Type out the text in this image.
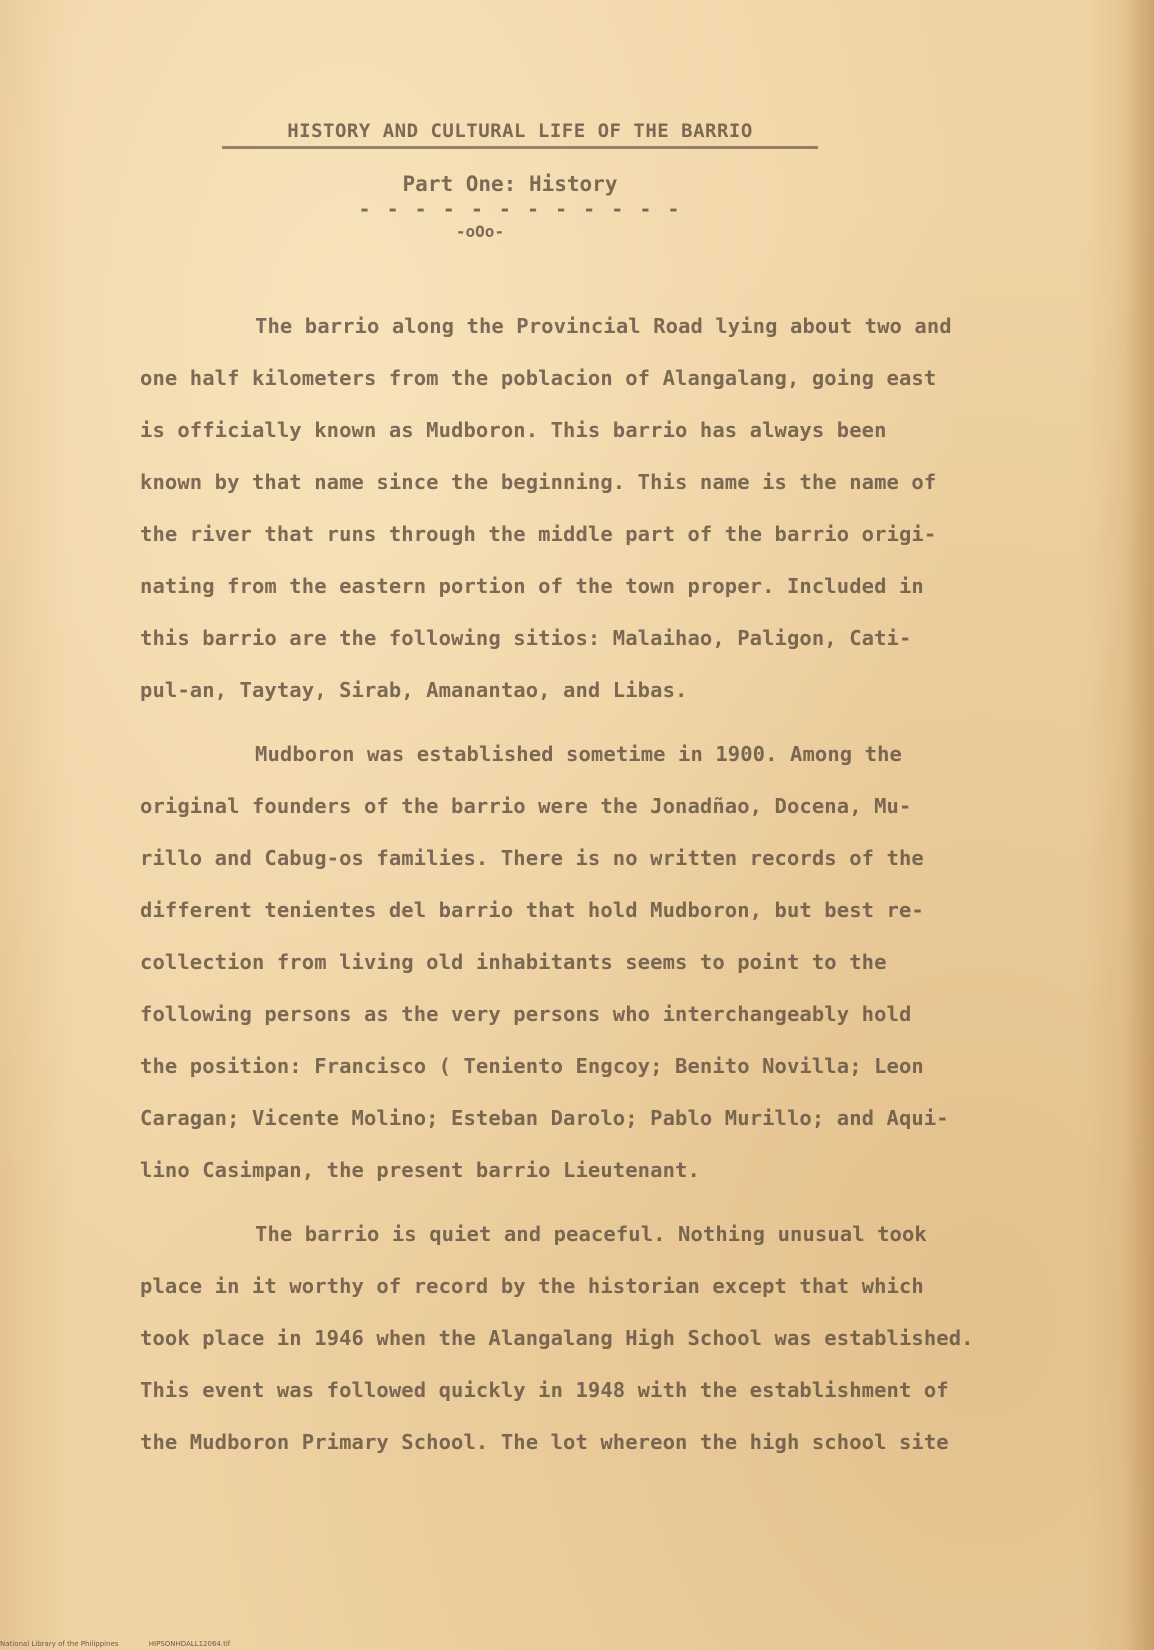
HISTORY AND CULTURAL LIFE OF THE BARRIO
Part One: History
- - - - - - - - - - - -
-oOo-
The barrio along the Provincial Road lying about two and
one half kilometers from the poblacion of Alangalang, going east
is officially known as Mudboron. This barrio has always been
known by that name since the beginning. This name is the name of
the river that runs through the middle part of the barrio origi-
nating from the eastern portion of the town proper. Included in
this barrio are the following sitios: Malaihao, Paligon, Cati-
pul-an, Taytay, Sirab, Amanantao, and Libas.
Mudboron was established sometime in 1900. Among the
original founders of the barrio were the Jonadñao, Docena, Mu-
rillo and Cabug-os families. There is no written records of the
different tenientes del barrio that hold Mudboron, but best re-
collection from living old inhabitants seems to point to the
following persons as the very persons who interchangeably hold
the position: Francisco ( Teniento Engcoy; Benito Novilla; Leon
Caragan; Vicente Molino; Esteban Darolo; Pablo Murillo; and Aqui-
lino Casimpan, the present barrio Lieutenant.
The barrio is quiet and peaceful. Nothing unusual took
place in it worthy of record by the historian except that which
took place in 1946 when the Alangalang High School was established.
This event was followed quickly in 1948 with the establishment of
the Mudboron Primary School. The lot whereon the high school site
National Library of the Philippines	HIPSONHDALL12064.tif
